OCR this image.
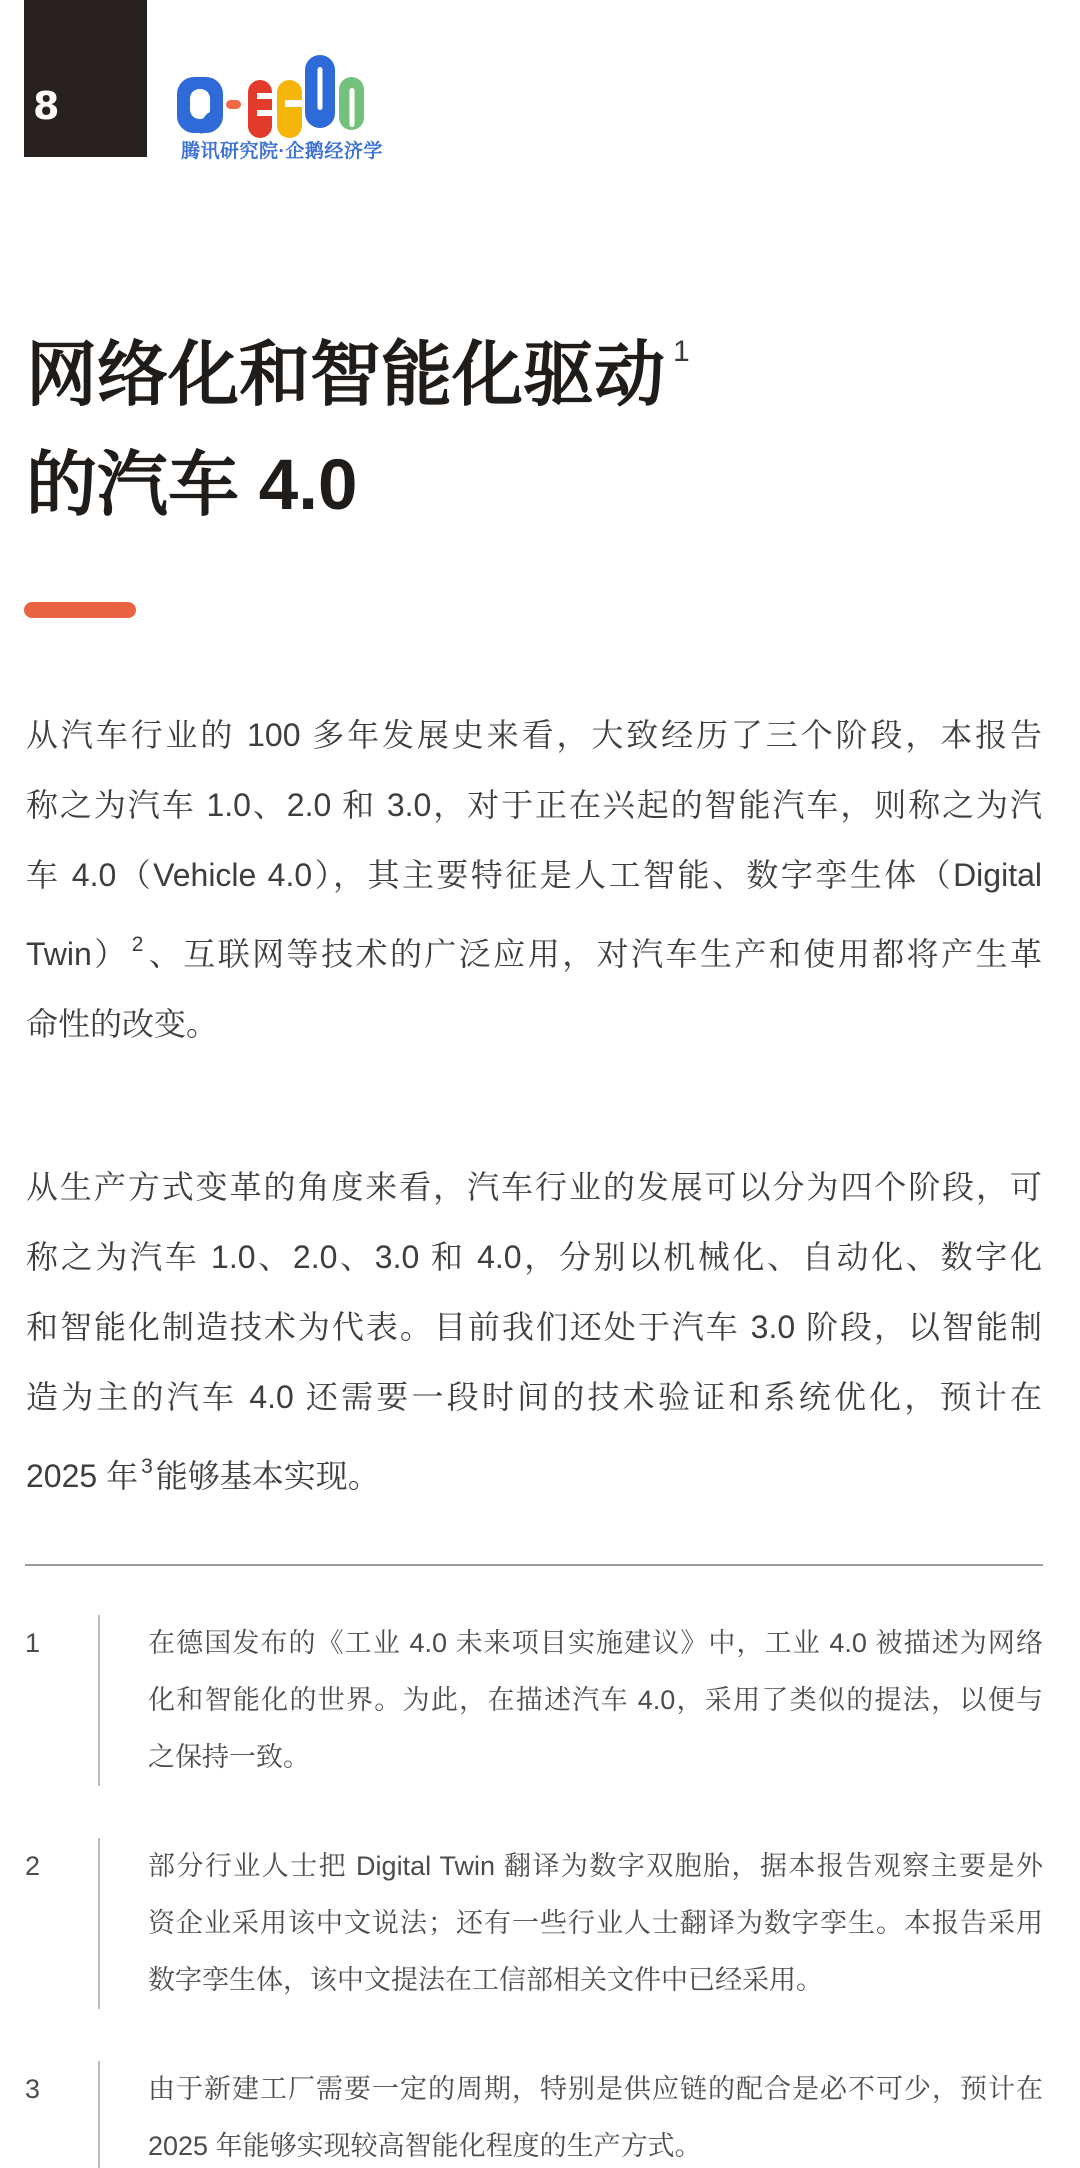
8
腾讯研究院·企鹅经济学
网络化和智能化驱动 $^1$
的汽车 4.0
从汽车行业的 100 多年发展史来看，大致经历了三个阶段，本报告
称之为汽车 1.0、2.0 和 3.0，对于正在兴起的智能汽车，则称之为汽
车 4.0（Vehicle 4.0），其主要特征是人工智能、数字孪生体（Digital
Twin） $^2$、互联网等技术的广泛应用，对汽车生产和使用都将产生革
命性的改变。
从生产方式变革的角度来看，汽车行业的发展可以分为四个阶段，可
称之为汽车 1.0、2.0、3.0 和 4.0，分别以机械化、自动化、数字化
和智能化制造技术为代表。目前我们还处于汽车 3.0 阶段，以智能制
造为主的汽车 4.0 还需要一段时间的技术验证和系统优化，预计在
2025 年 $^3$能够基本实现。
1	在德国发布的《工业 4.0 未来项目实施建议》中，工业 4.0 被描述为网络
化和智能化的世界。为此，在描述汽车 4.0，采用了类似的提法，以便与
之保持一致。
2	部分行业人士把 Digital Twin 翻译为数字双胞胎，据本报告观察主要是外
资企业采用该中文说法；还有一些行业人士翻译为数字孪生。本报告采用
数字孪生体，该中文提法在工信部相关文件中已经采用。
3	由于新建工厂需要一定的周期，特别是供应链的配合是必不可少，预计在
2025 年能够实现较高智能化程度的生产方式。
